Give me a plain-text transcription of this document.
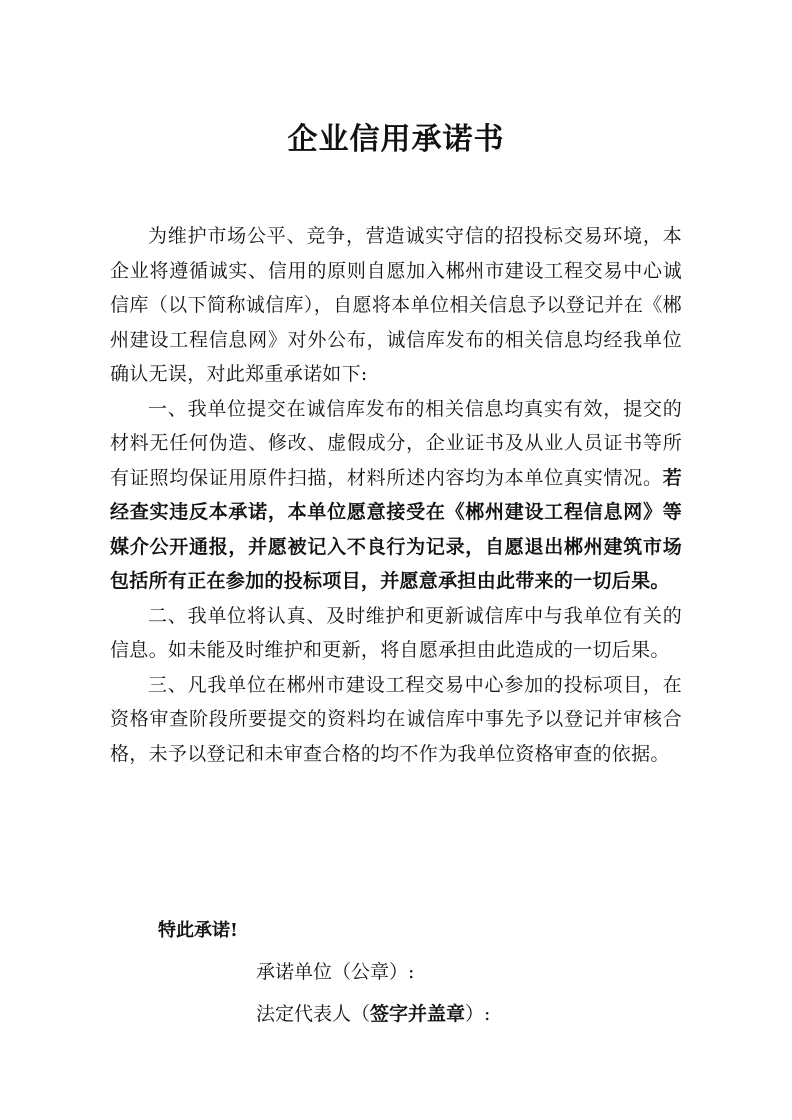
企业信用承诺书

为维护市场公平、竞争，营造诚实守信的招投标交易环境，本企业将遵循诚实、信用的原则自愿加入郴州市建设工程交易中心诚信库（以下简称诚信库），自愿将本单位相关信息予以登记并在《郴州建设工程信息网》对外公布，诚信库发布的相关信息均经我单位确认无误，对此郑重承诺如下:

一、我单位提交在诚信库发布的相关信息均真实有效，提交的材料无任何伪造、修改、虚假成分，企业证书及从业人员证书等所有证照均保证用原件扫描，材料所述内容均为本单位真实情况。若经查实违反本承诺，本单位愿意接受在《郴州建设工程信息网》等媒介公开通报，并愿被记入不良行为记录，自愿退出郴州建筑市场包括所有正在参加的投标项目，并愿意承担由此带来的一切后果。

二、我单位将认真、及时维护和更新诚信库中与我单位有关的信息。如未能及时维护和更新，将自愿承担由此造成的一切后果。

三、凡我单位在郴州市建设工程交易中心参加的投标项目，在资格审查阶段所要提交的资料均在诚信库中事先予以登记并审核合格，未予以登记和未审查合格的均不作为我单位资格审查的依据。

特此承诺!
承诺单位（公章）:
法定代表人（签字并盖章）:
